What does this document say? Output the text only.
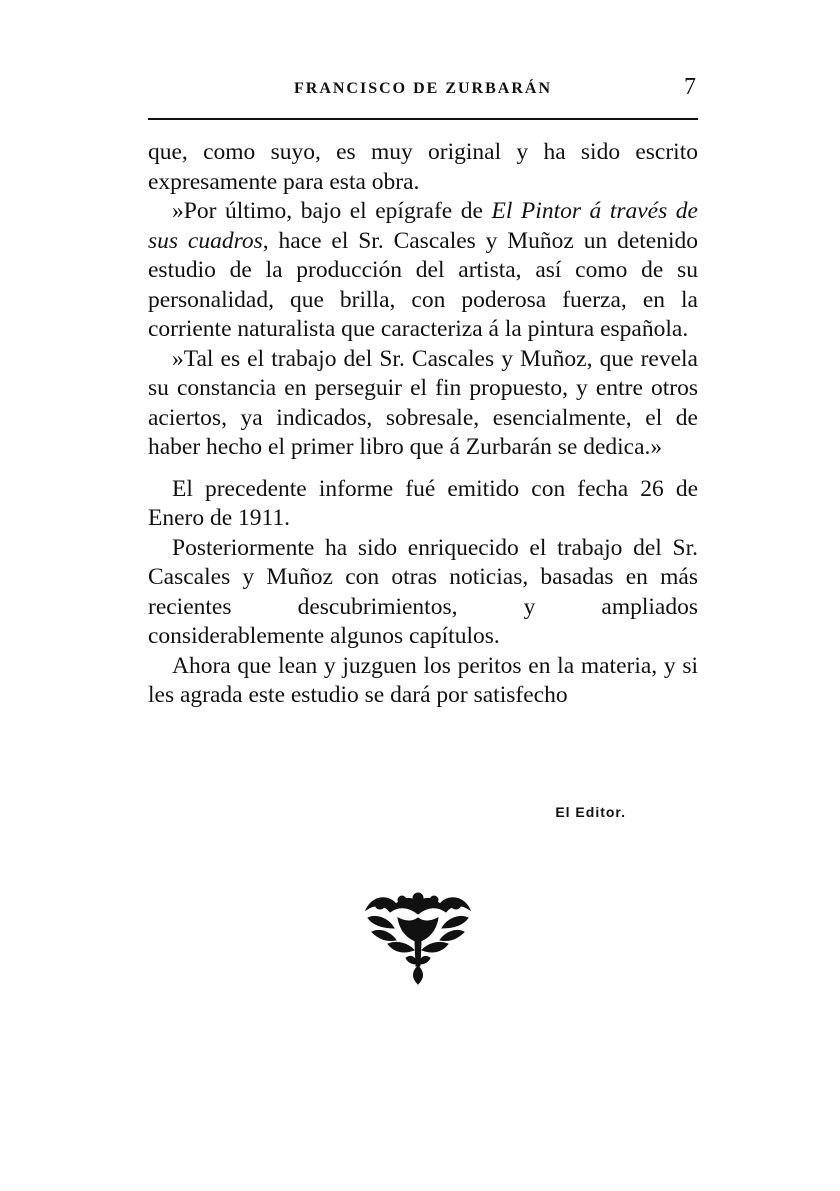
FRANCISCO DE ZURBARÁN	7

que, como suyo, es muy original y ha sido escrito expresamente para esta obra.

»Por último, bajo el epígrafe de El Pintor á través de sus cuadros, hace el Sr. Cascales y Muñoz un detenido estudio de la producción del artista, así como de su personalidad, que brilla, con poderosa fuerza, en la corriente naturalista que caracteriza á la pintura española.

»Tal es el trabajo del Sr. Cascales y Muñoz, que revela su constancia en perseguir el fin propuesto, y entre otros aciertos, ya indicados, sobresale, esencialmente, el de haber hecho el primer libro que á Zurbarán se dedica.»

El precedente informe fué emitido con fecha 26 de Enero de 1911.

Posteriormente ha sido enriquecido el trabajo del Sr. Cascales y Muñoz con otras noticias, basadas en más recientes descubrimientos, y ampliados considerablemente algunos capítulos.

Ahora que lean y juzguen los peritos en la materia, y si les agrada este estudio se dará por satisfecho

El Editor.
